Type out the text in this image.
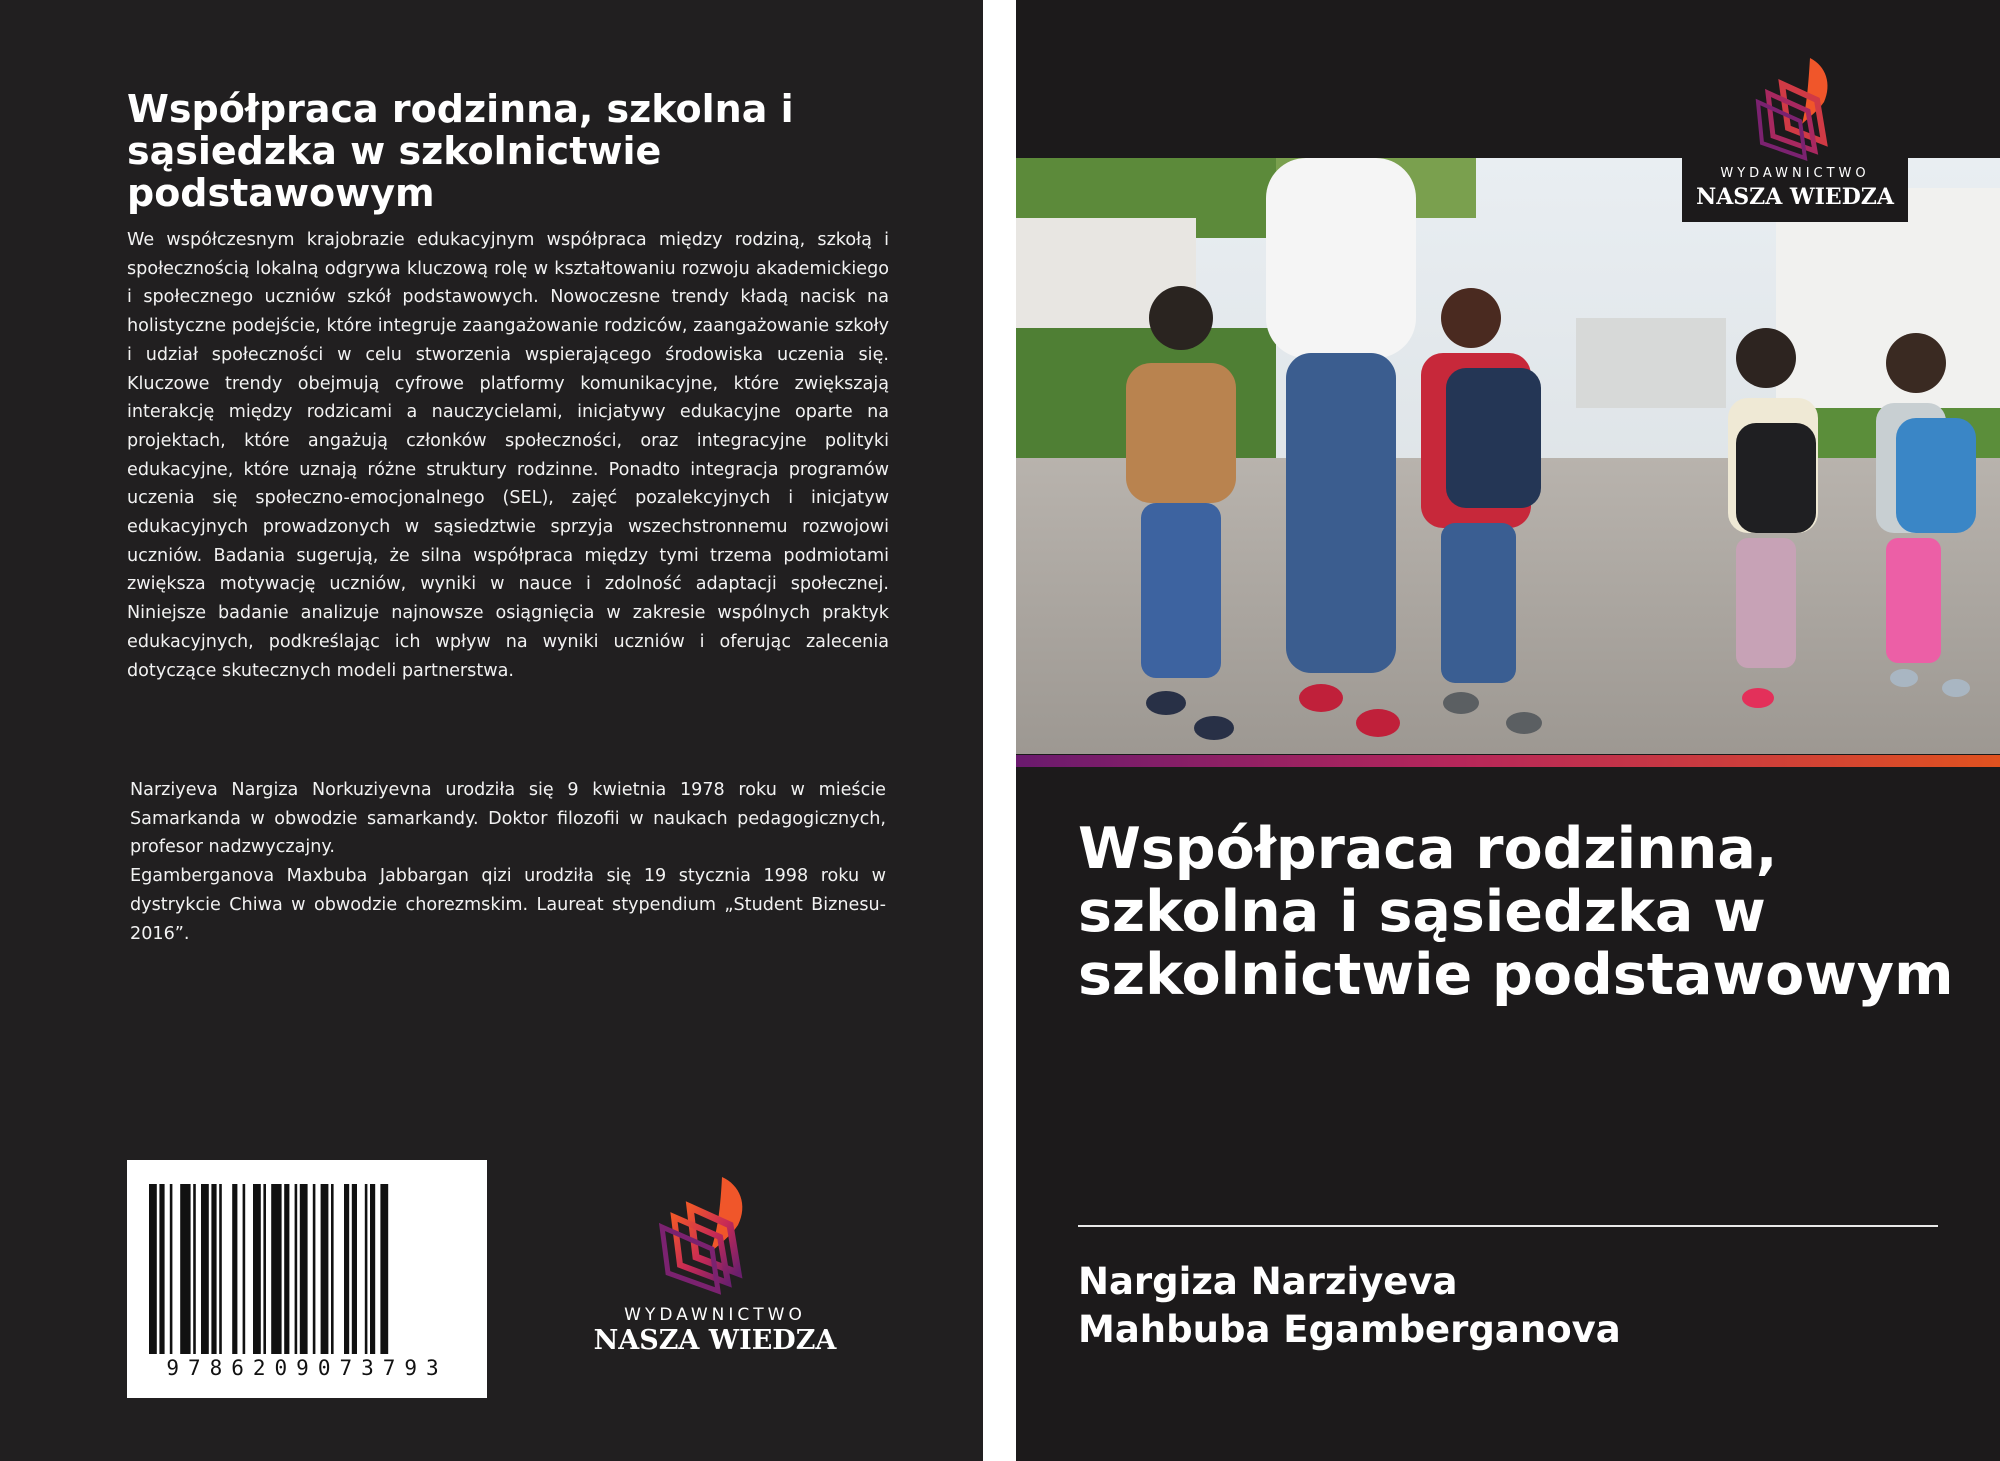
Współpraca rodzinna, szkolna i sąsiedzka w szkolnictwie podstawowym

We współczesnym krajobrazie edukacyjnym współpraca między rodziną, szkołą i społecznością lokalną odgrywa kluczową rolę w kształtowaniu rozwoju akademickiego i społecznego uczniów szkół podstawowych. Nowoczesne trendy kładą nacisk na holistyczne podejście, które integruje zaangażowanie rodziców, zaangażowanie szkoły i udział społeczności w celu stworzenia wspierającego środowiska uczenia się. Kluczowe trendy obejmują cyfrowe platformy komunikacyjne, które zwiększają interakcję między rodzicami a nauczycielami, inicjatywy edukacyjne oparte na projektach, które angażują członków społeczności, oraz integracyjne polityki edukacyjne, które uznają różne struktury rodzinne. Ponadto integracja programów uczenia się społeczno-emocjonalnego (SEL), zajęć pozalekcyjnych i inicjatyw edukacyjnych prowadzonych w sąsiedztwie sprzyja wszechstronnemu rozwojowi uczniów. Badania sugerują, że silna współpraca między tymi trzema podmiotami zwiększa motywację uczniów, wyniki w nauce i zdolność adaptacji społecznej. Niniejsze badanie analizuje najnowsze osiągnięcia w zakresie wspólnych praktyk edukacyjnych, podkreślając ich wpływ na wyniki uczniów i oferując zalecenia dotyczące skutecznych modeli partnerstwa.

Narziyeva Nargiza Norkuziyevna urodziła się 9 kwietnia 1978 roku w mieście Samarkanda w obwodzie samarkandy. Doktor filozofii w naukach pedagogicznych, profesor nadzwyczajny.

Egamberganova Maxbuba Jabbargan qizi urodziła się 19 stycznia 1998 roku w dystrykcie Chiwa w obwodzie chorezmskim. Laureat stypendium „Student Biznesu-2016”.

9786209073793
WYDAWNICTWO
NASZA WIEDZA
WYDAWNICTWO
NASZA WIEDZA
Współpraca rodzinna, szkolna i sąsiedzka w szkolnictwie podstawowym
Nargiza Narziyeva
Mahbuba Egamberganova
